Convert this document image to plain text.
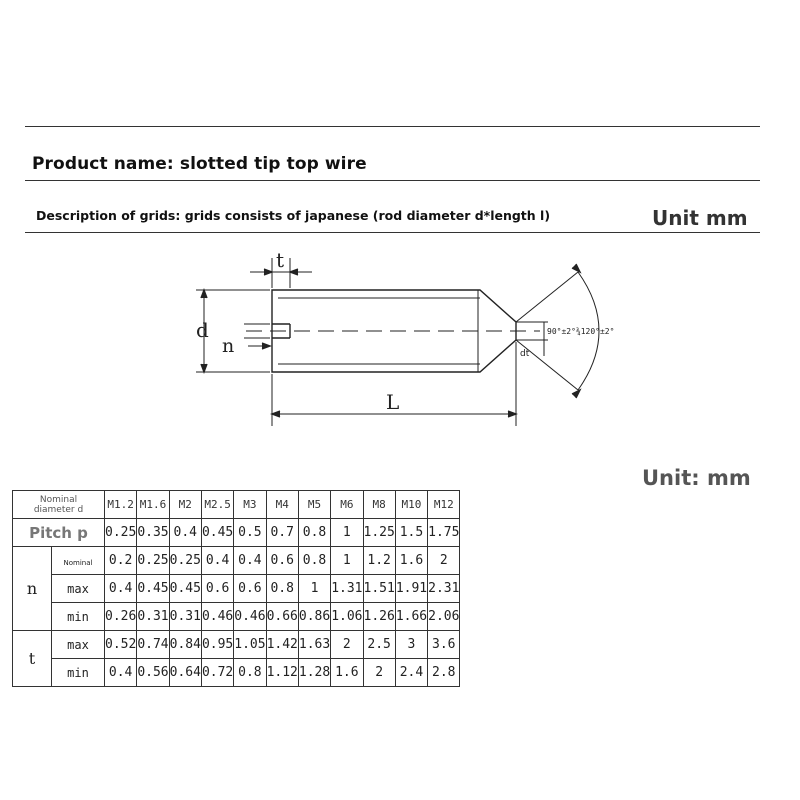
Product name: slotted tip top wire
Description of grids: grids consists of japanese (rod diameter d*length l)	Unit mm
t
d
n
L
dt
90°±2°¾120°±2°
Unit: mm
Nominal
diameter d		M1.2	M1.6	M2	M2.5	M3	M4	M5	M6	M8	M10	M12
Pitch p		0.25	0.35	0.4	0.45	0.5	0.7	0.8	1	1.25	1.5	1.75
n	Nominal	0.2	0.25	0.25	0.4	0.4	0.6	0.8	1	1.2	1.6	2
	max	0.4	0.45	0.45	0.6	0.6	0.8	1	1.31	1.51	1.91	2.31
	min	0.26	0.31	0.31	0.46	0.46	0.66	0.86	1.06	1.26	1.66	2.06
t	max	0.52	0.74	0.84	0.95	1.05	1.42	1.63	2	2.5	3	3.6
	min	0.4	0.56	0.64	0.72	0.8	1.12	1.28	1.6	2	2.4	2.8
